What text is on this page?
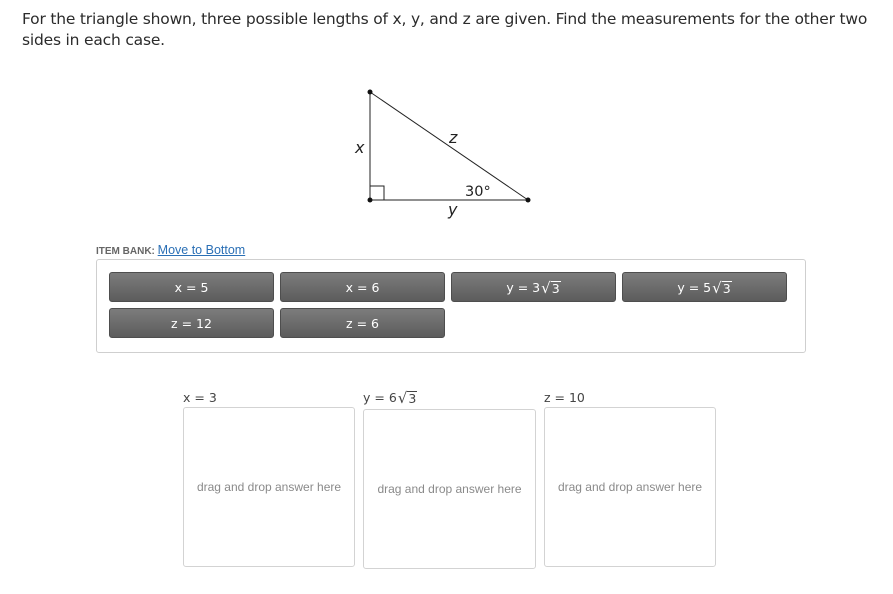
For the triangle shown, three possible lengths of x, y, and z are given. Find the measurements for the other two sides in each case.
x
y
z
30°
ITEM BANK: Move to Bottom
x = 5	x = 6	y = 3 √ 3	y = 5 √ 3
z = 12	z = 6
x = 3
drag and drop answer here
y = 6 √ 3
drag and drop answer here
z = 10
drag and drop answer here
